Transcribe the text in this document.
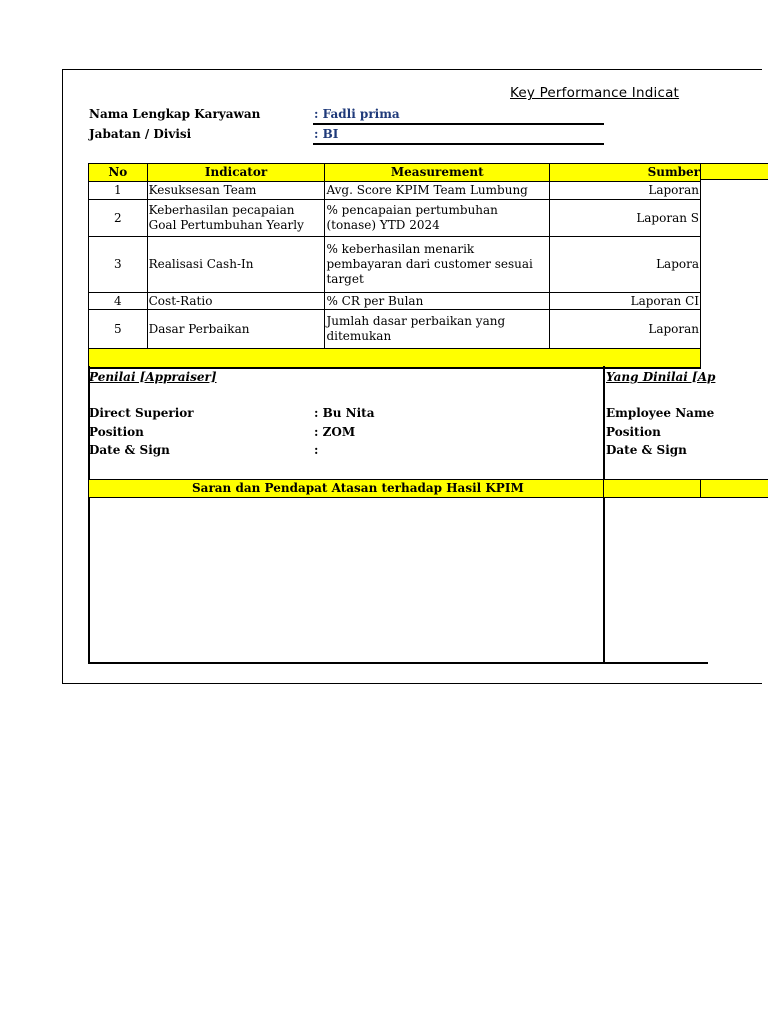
Key Performance Indicat
Nama Lengkap Karyawan	: Fadli prima
Jabatan / Divisi	: BI
No	Indicator	Measurement	Sumber
1	Kesuksesan Team	Avg. Score KPIM Team Lumbung	Laporan
2	Keberhasilan pecapaian Goal Pertumbuhan Yearly	% pencapaian pertumbuhan (tonase) YTD 2024	Laporan S
3	Realisasi Cash-In	% keberhasilan menarik pembayaran dari customer sesuai target	Lapora
4	Cost-Ratio	% CR per Bulan	Laporan CI
5	Dasar Perbaikan	Jumlah dasar perbaikan yang ditemukan	Laporan

Penilai [Appraiser]
Direct Superior	: Bu Nita
Position	: ZOM
Date & Sign	:
Yang Dinilai [Ap
Employee Name
Position
Date & Sign
Saran dan Pendapat Atasan terhadap Hasil KPIM
